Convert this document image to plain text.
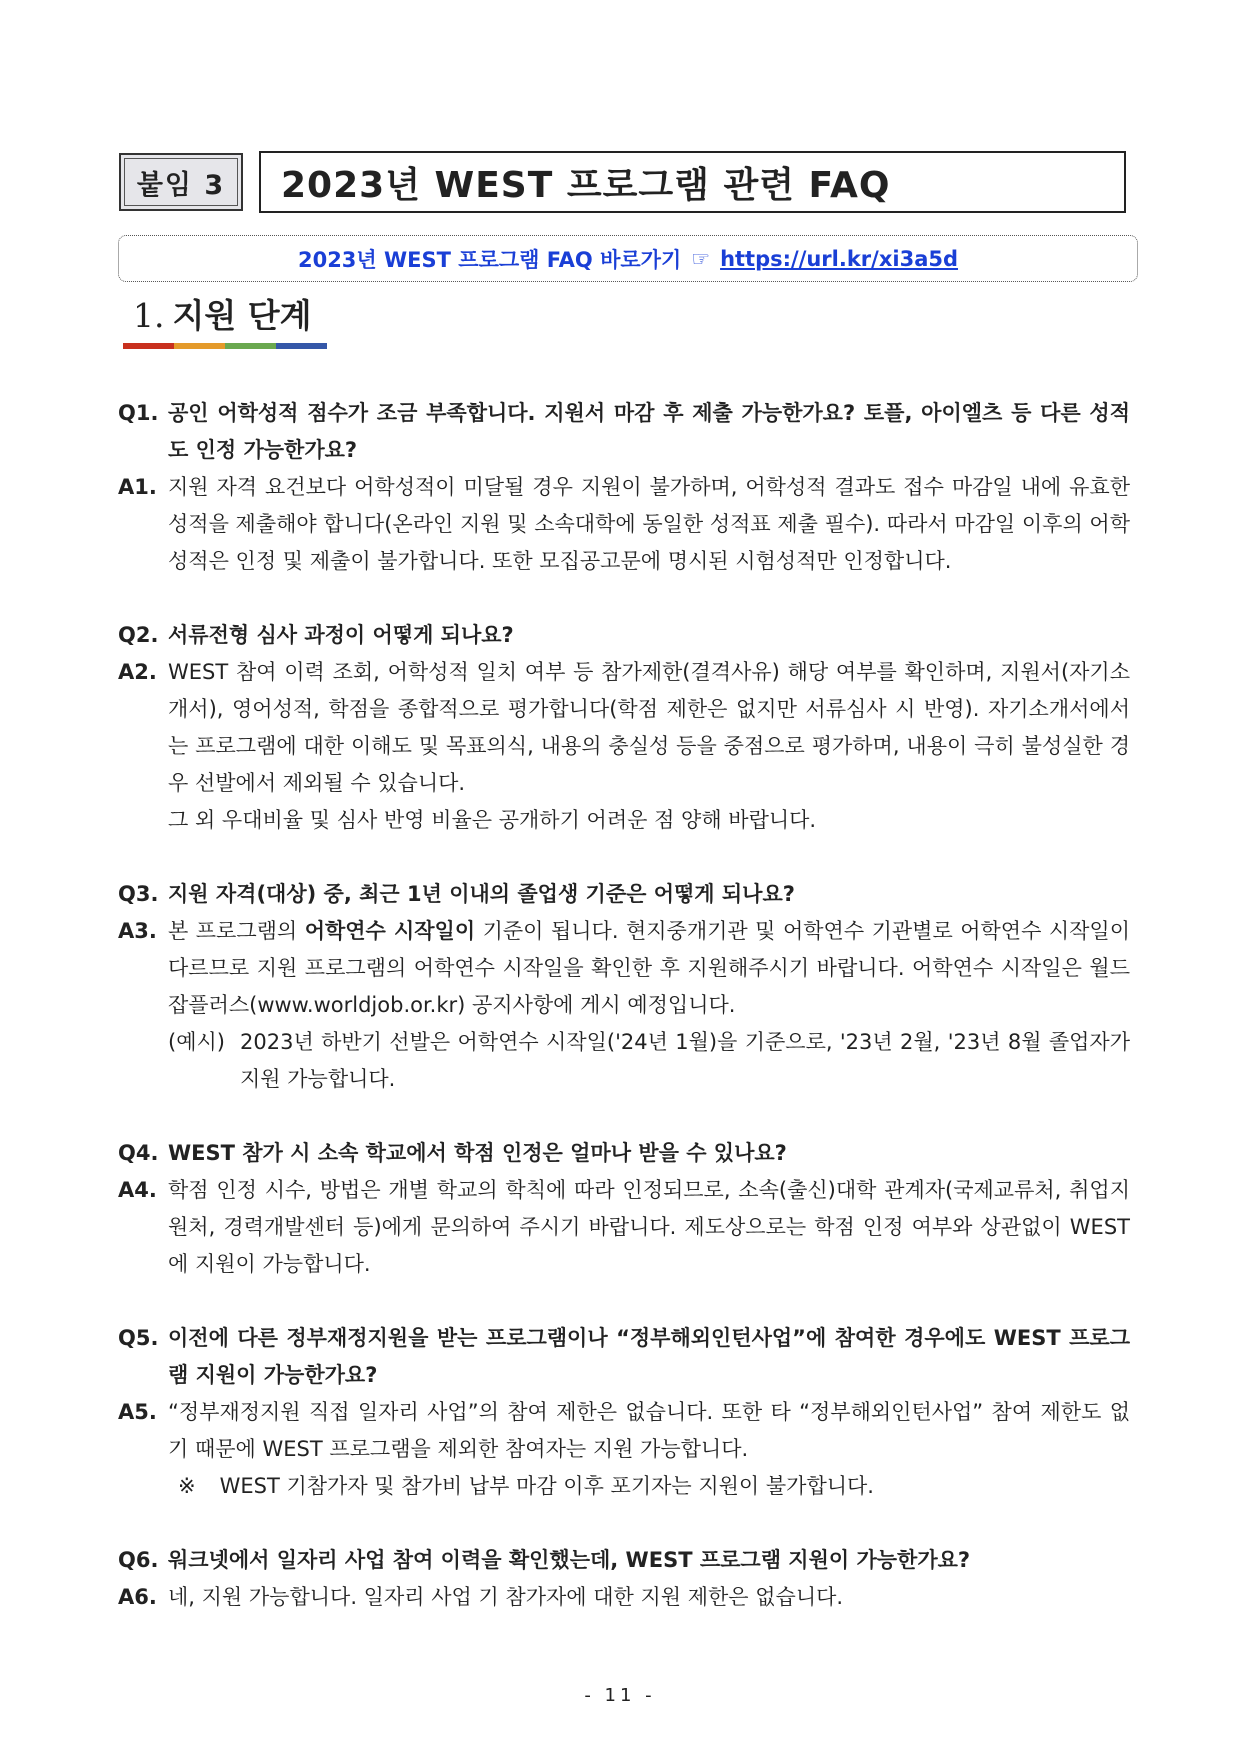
붙임 3	2023년 WEST 프로그램 관련 FAQ
2023년 WEST 프로그램 FAQ 바로가기 ☞ https://url.kr/xi3a5d
1. 지원 단계
Q1. 공인 어학성적 점수가 조금 부족합니다. 지원서 마감 후 제출 가능한가요? 토플, 아이엘츠 등 다른 성적도 인정 가능한가요?
A1. 지원 자격 요건보다 어학성적이 미달될 경우 지원이 불가하며, 어학성적 결과도 접수 마감일 내에 유효한 성적을 제출해야 합니다(온라인 지원 및 소속대학에 동일한 성적표 제출 필수). 따라서 마감일 이후의 어학성적은 인정 및 제출이 불가합니다. 또한 모집공고문에 명시된 시험성적만 인정합니다.
Q2. 서류전형 심사 과정이 어떻게 되나요?
A2. WEST 참여 이력 조회, 어학성적 일치 여부 등 참가제한(결격사유) 해당 여부를 확인하며, 지원서(자기소개서), 영어성적, 학점을 종합적으로 평가합니다(학점 제한은 없지만 서류심사 시 반영). 자기소개서에서는 프로그램에 대한 이해도 및 목표의식, 내용의 충실성 등을 중점으로 평가하며, 내용이 극히 불성실한 경우 선발에서 제외될 수 있습니다.

그 외 우대비율 및 심사 반영 비율은 공개하기 어려운 점 양해 바랍니다.

Q3. 지원 자격(대상) 중, 최근 1년 이내의 졸업생 기준은 어떻게 되나요?
A3. 본 프로그램의 어학연수 시작일이 기준이 됩니다. 현지중개기관 및 어학연수 기관별로 어학연수 시작일이 다르므로 지원 프로그램의 어학연수 시작일을 확인한 후 지원해주시기 바랍니다. 어학연수 시작일은 월드잡플러스(www.worldjob.or.kr) 공지사항에 게시 예정입니다.
(예시) 2023년 하반기 선발은 어학연수 시작일('24년 1월)을 기준으로, '23년 2월, '23년 8월 졸업자가 지원 가능합니다.
Q4. WEST 참가 시 소속 학교에서 학점 인정은 얼마나 받을 수 있나요?
A4. 학점 인정 시수, 방법은 개별 학교의 학칙에 따라 인정되므로, 소속(출신)대학 관계자(국제교류처, 취업지원처, 경력개발센터 등)에게 문의하여 주시기 바랍니다. 제도상으로는 학점 인정 여부와 상관없이 WEST에 지원이 가능합니다.
Q5. 이전에 다른 정부재정지원을 받는 프로그램이나 “정부해외인턴사업”에 참여한 경우에도 WEST 프로그램 지원이 가능한가요?
A5. “정부재정지원 직접 일자리 사업”의 참여 제한은 없습니다. 또한 타 “정부해외인턴사업” 참여 제한도 없기 때문에 WEST 프로그램을 제외한 참여자는 지원 가능합니다.
※ WEST 기참가자 및 참가비 납부 마감 이후 포기자는 지원이 불가합니다.
Q6. 워크넷에서 일자리 사업 참여 이력을 확인했는데, WEST 프로그램 지원이 가능한가요?
A6. 네, 지원 가능합니다. 일자리 사업 기 참가자에 대한 지원 제한은 없습니다.
- 11 -
